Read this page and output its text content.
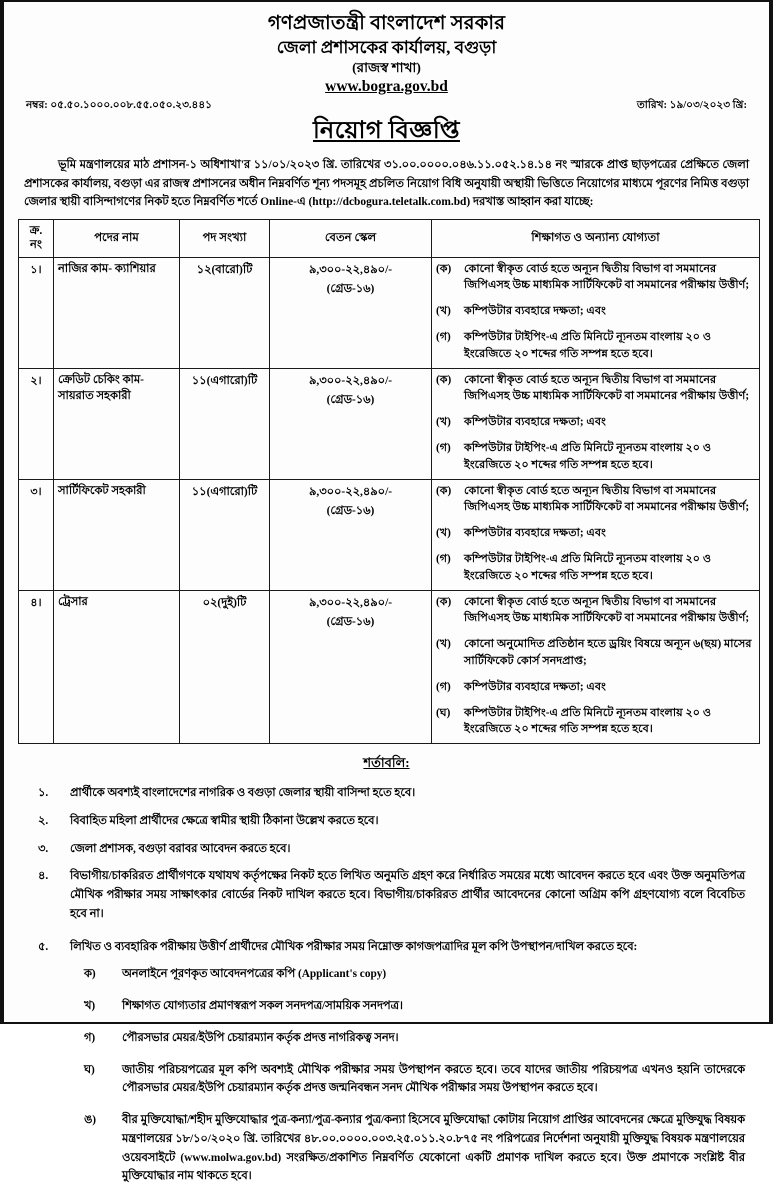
গণপ্রজাতন্ত্রী বাংলাদেশ সরকার
জেলা প্রশাসকের কার্যালয়, বগুড়া
(রাজস্ব শাখা)
www.bogra.gov.bd
নম্বর: ০৫.৫০.১০০০.০০৮.৫৫.০৫০.২৩.৪৪১	তারিখ: ১৯/০৩/২০২৩ খ্রি:
নিয়োগ বিজ্ঞপ্তি
ভূমি মন্ত্রণালয়ের মাঠ প্রশাসন-১ অধিশাখা'র ১১/০১/২০২৩ খ্রি. তারিখের ৩১.০০.০০০০.০৪৬.১১.০৫২.১৪.১৪ নং স্মারকে প্রাপ্ত ছাড়পত্রের প্রেক্ষিতে জেলা প্রশাসকের কার্যালয়, বগুড়া এর রাজস্ব প্রশাসনের অধীন নিম্নবর্ণিত শূন্য পদসমূহ প্রচলিত নিয়োগ বিধি অনুযায়ী অস্থায়ী ভিত্তিতে নিয়োগের মাধ্যমে পূরণের নিমিত্ত বগুড়া জেলার স্থায়ী বাসিন্দাগণের নিকট হতে নিম্নবর্ণিত শর্তে Online-এ (http://dcbogura.teletalk.com.bd) দরখাস্ত আহ্বান করা যাচ্ছে:
ক্র.
নং	পদের নাম	পদ সংখ্যা	বেতন স্কেল	শিক্ষাগত ও অন্যান্য যোগ্যতা
১।	নাজির কাম- ক্যাশিয়ার	১২(বারো)টি	৯,৩০০-২২,৪৯০/-
(গ্রেড-১৬)

(ক)	কোনো স্বীকৃত বোর্ড হতে অন্যূন দ্বিতীয় বিভাগ বা সমমানের জিপিএসহ উচ্চ মাধ্যমিক সার্টিফিকেট বা সমমানের পরীক্ষায় উত্তীর্ণ;
(খ)	কম্পিউটার ব্যবহারে দক্ষতা; এবং
(গ)	কম্পিউটার টাইপিং-এ প্রতি মিনিটে ন্যূনতম বাংলায় ২০ ও ইংরেজিতে ২০ শব্দের গতি সম্পন্ন হতে হবে।

২।	ক্রেডিট চেকিং কাম-সায়রাত সহকারী	১১(এগারো)টি	৯,৩০০-২২,৪৯০/-
(গ্রেড-১৬)

(ক)	কোনো স্বীকৃত বোর্ড হতে অন্যূন দ্বিতীয় বিভাগ বা সমমানের জিপিএসহ উচ্চ মাধ্যমিক সার্টিফিকেট বা সমমানের পরীক্ষায় উত্তীর্ণ;
(খ)	কম্পিউটার ব্যবহারে দক্ষতা; এবং
(গ)	কম্পিউটার টাইপিং-এ প্রতি মিনিটে ন্যূনতম বাংলায় ২০ ও ইংরেজিতে ২০ শব্দের গতি সম্পন্ন হতে হবে।

৩।	সার্টিফিকেট সহকারী	১১(এগারো)টি	৯,৩০০-২২,৪৯০/-
(গ্রেড-১৬)

(ক)	কোনো স্বীকৃত বোর্ড হতে অন্যূন দ্বিতীয় বিভাগ বা সমমানের জিপিএসহ উচ্চ মাধ্যমিক সার্টিফিকেট বা সমমানের পরীক্ষায় উত্তীর্ণ;
(খ)	কম্পিউটার ব্যবহারে দক্ষতা; এবং
(গ)	কম্পিউটার টাইপিং-এ প্রতি মিনিটে ন্যূনতম বাংলায় ২০ ও ইংরেজিতে ২০ শব্দের গতি সম্পন্ন হতে হবে।

৪।	ট্রেসার	০২(দুই)টি	৯,৩০০-২২,৪৯০/-
(গ্রেড-১৬)

(ক)	কোনো স্বীকৃত বোর্ড হতে অন্যূন দ্বিতীয় বিভাগ বা সমমানের জিপিএসহ উচ্চ মাধ্যমিক সার্টিফিকেট বা সমমানের পরীক্ষায় উত্তীর্ণ;
(খ)	কোনো অনুমোদিত প্রতিষ্ঠান হতে ড্রয়িং বিষয়ে অন্যূন ৬(ছয়) মাসের সার্টিফিকেট কোর্স সনদপ্রাপ্ত;
(গ)	কম্পিউটার ব্যবহারে দক্ষতা; এবং
(ঘ)	কম্পিউটার টাইপিং-এ প্রতি মিনিটে ন্যূনতম বাংলায় ২০ ও ইংরেজিতে ২০ শব্দের গতি সম্পন্ন হতে হবে।
শর্তাবলি:
১. প্রার্থীকে অবশ্যই বাংলাদেশের নাগরিক ও বগুড়া জেলার স্থায়ী বাসিন্দা হতে হবে।
২. বিবাহিত মহিলা প্রার্থীদের ক্ষেত্রে স্বামীর স্থায়ী ঠিকানা উল্লেখ করতে হবে।
৩. জেলা প্রশাসক, বগুড়া বরাবর আবেদন করতে হবে।
৪. বিভাগীয়/চাকরিরত প্রার্থীগণকে যথাযথ কর্তৃপক্ষের নিকট হতে লিখিত অনুমতি গ্রহণ করে নির্ধারিত সময়ের মধ্যে আবেদন করতে হবে এবং উক্ত অনুমতিপত্র মৌখিক পরীক্ষার সময় সাক্ষাৎকার বোর্ডের নিকট দাখিল করতে হবে। বিভাগীয়/চাকরিরত প্রার্থীর আবেদনের কোনো অগ্রিম কপি গ্রহণযোগ্য বলে বিবেচিত হবে না।
৫. লিখিত ও ব্যবহারিক পরীক্ষায় উত্তীর্ণ প্রার্থীদের মৌখিক পরীক্ষার সময় নিম্নোক্ত কাগজপত্রাদির মূল কপি উপস্থাপন/দাখিল করতে হবে:
ক) অনলাইনে পূরণকৃত আবেদনপত্রের কপি (Applicant's copy)
খ) শিক্ষাগত যোগ্যতার প্রমাণস্বরূপ সকল সনদপত্র/সাময়িক সনদপত্র।
গ) পৌরসভার মেয়র/ইউপি চেয়ারম্যান কর্তৃক প্রদত্ত নাগরিকত্ব সনদ।
ঘ) জাতীয় পরিচয়পত্রের মূল কপি অবশ্যই মৌখিক পরীক্ষার সময় উপস্থাপন করতে হবে। তবে যাদের জাতীয় পরিচয়পত্র এখনও হয়নি তাদেরকে পৌরসভার মেয়র/ইউপি চেয়ারম্যান কর্তৃক প্রদত্ত জন্মনিবন্ধন সনদ মৌখিক পরীক্ষার সময় উপস্থাপন করতে হবে।
ঙ) বীর মুক্তিযোদ্ধা/শহীদ মুক্তিযোদ্ধার পুত্র-কন্যা/পুত্র-কন্যার পুত্র/কন্যা হিসেবে মুক্তিযোদ্ধা কোটায় নিয়োগ প্রাপ্তির আবেদনের ক্ষেত্রে মুক্তিযুদ্ধ বিষয়ক মন্ত্রণালয়ের ১৮/১০/২০২০ খ্রি. তারিখের ৪৮.০০.০০০০.০০৩.২৫.০১১.২০.৮৭৫ নং পরিপত্রের নির্দেশনা অনুযায়ী মুক্তিযুদ্ধ বিষয়ক মন্ত্রণালয়ের ওয়েবসাইটে (www.molwa.gov.bd) সংরক্ষিত/প্রকাশিত নিম্নবর্ণিত যেকোনো একটি প্রমাণক দাখিল করতে হবে। উক্ত প্রমাণকে সংশ্লিষ্ট বীর মুক্তিযোদ্ধার নাম থাকতে হবে।
